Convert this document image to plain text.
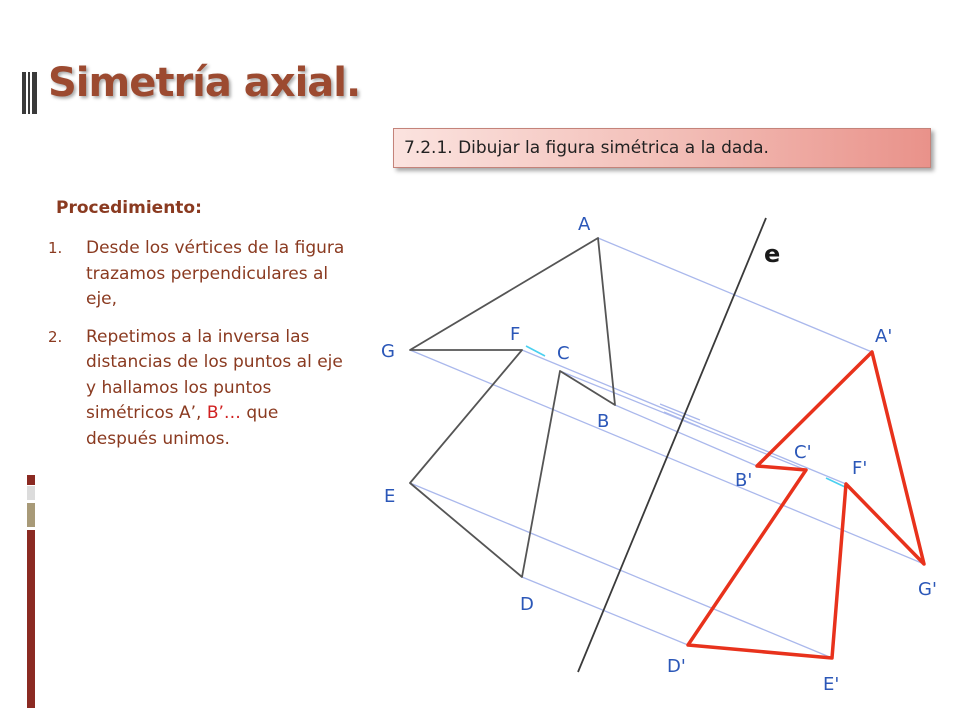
Simetría axial.
7.2.1. Dibujar la figura simétrica a la dada.
Procedimiento:
1.	Desde los vértices de la figura trazamos perpendiculares al eje,
2.	Repetimos a la inversa las distancias de los puntos al eje y hallamos los puntos simétricos A’, B’… que después unimos.
e
A
B
C
D
E
F
G
A'
B'
C'
D'
E'
F'
G'
